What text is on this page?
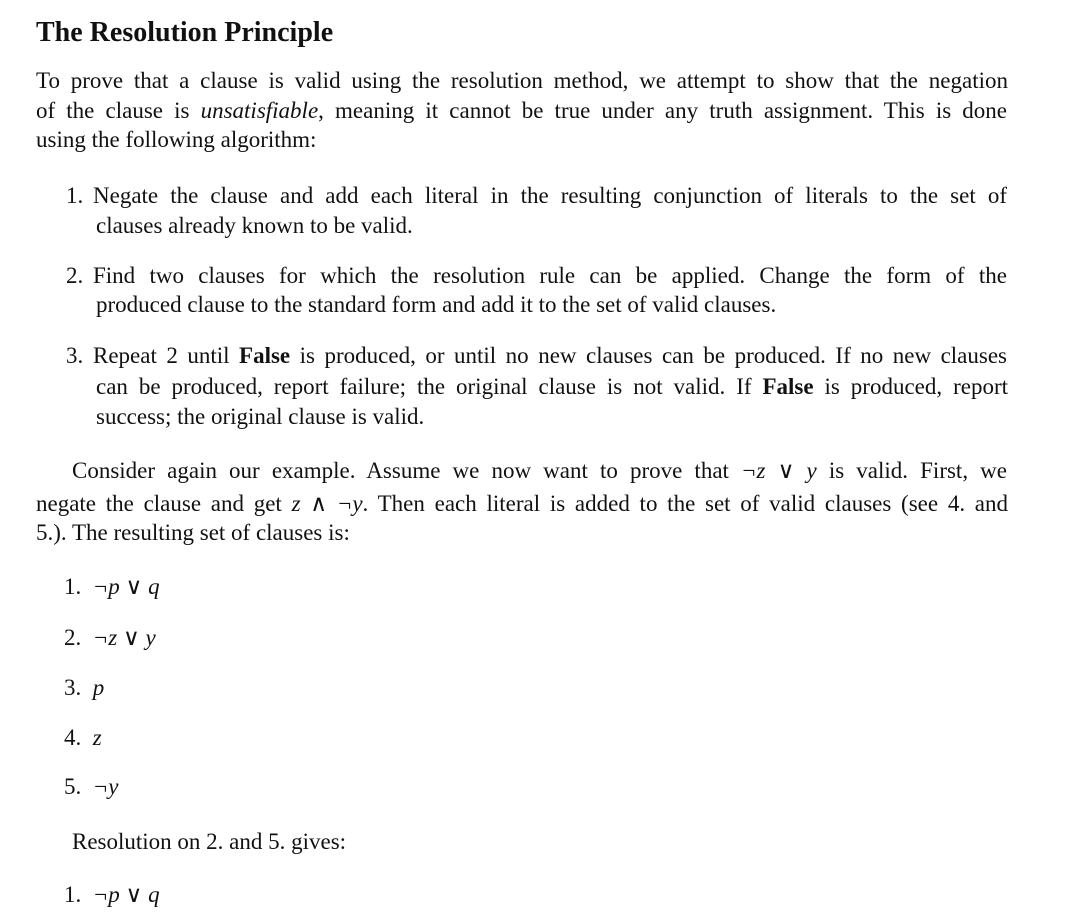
The Resolution Principle
To prove that a clause is valid using the resolution method, we attempt to show that the negation
of the clause is unsatisfiable, meaning it cannot be true under any truth assignment. This is done
using the following algorithm:
1. Negate the clause and add each literal in the resulting conjunction of literals to the set of
clauses already known to be valid.
2. Find two clauses for which the resolution rule can be applied. Change the form of the
produced clause to the standard form and add it to the set of valid clauses.
3. Repeat 2 until False is produced, or until no new clauses can be produced. If no new clauses
can be produced, report failure; the original clause is not valid. If False is produced, report
success; the original clause is valid.
Consider again our example. Assume we now want to prove that ¬z ∨ y is valid. First, we
negate the clause and get z ∧ ¬y. Then each literal is added to the set of valid clauses (see 4. and
5.). The resulting set of clauses is:
1. ¬p ∨ q
2. ¬z ∨ y
3. p
4. z
5. ¬y
Resolution on 2. and 5. gives:
1. ¬p ∨ q
